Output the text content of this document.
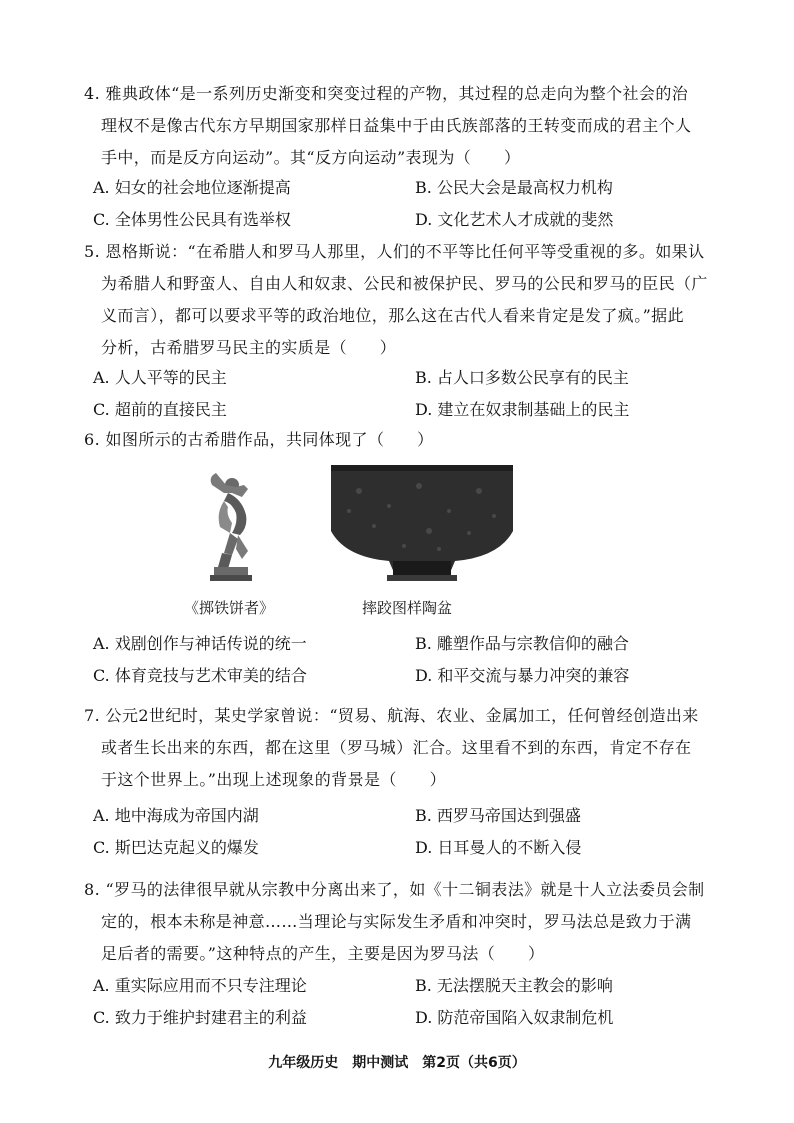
4. 雅典政体“是一系列历史渐变和突变过程的产物，其过程的总走向为整个社会的治

理权不是像古代东方早期国家那样日益集中于由氏族部落的王转变而成的君主个人

手中，而是反方向运动”。其“反方向运动”表现为（　　）

A. 妇女的社会地位逐渐提高	B. 公民大会是最高权力机构
C. 全体男性公民具有选举权	D. 文化艺术人才成就的斐然

5. 恩格斯说：“在希腊人和罗马人那里，人们的不平等比任何平等受重视的多。如果认

为希腊人和野蛮人、自由人和奴隶、公民和被保护民、罗马的公民和罗马的臣民（广

义而言），都可以要求平等的政治地位，那么这在古代人看来肯定是发了疯。”据此

分析，古希腊罗马民主的实质是（　　）

A. 人人平等的民主	B. 占人口多数公民享有的民主
C. 超前的直接民主	D. 建立在奴隶制基础上的民主

6. 如图所示的古希腊作品，共同体现了（　　）

《掷铁饼者》	摔跤图样陶盆
A. 戏剧创作与神话传说的统一	B. 雕塑作品与宗教信仰的融合
C. 体育竞技与艺术审美的结合	D. 和平交流与暴力冲突的兼容

7. 公元2世纪时，某史学家曾说：“贸易、航海、农业、金属加工，任何曾经创造出来

或者生长出来的东西，都在这里（罗马城）汇合。这里看不到的东西，肯定不存在

于这个世界上。”出现上述现象的背景是（　　）

A. 地中海成为帝国内湖	B. 西罗马帝国达到强盛
C. 斯巴达克起义的爆发	D. 日耳曼人的不断入侵

8. “罗马的法律很早就从宗教中分离出来了，如《十二铜表法》就是十人立法委员会制

定的，根本未称是神意……当理论与实际发生矛盾和冲突时，罗马法总是致力于满

足后者的需要。”这种特点的产生，主要是因为罗马法（　　）

A. 重实际应用而不只专注理论	B. 无法摆脱天主教会的影响
C. 致力于维护封建君主的利益	D. 防范帝国陷入奴隶制危机
九年级历史　期中测试　第2页（共6页）
